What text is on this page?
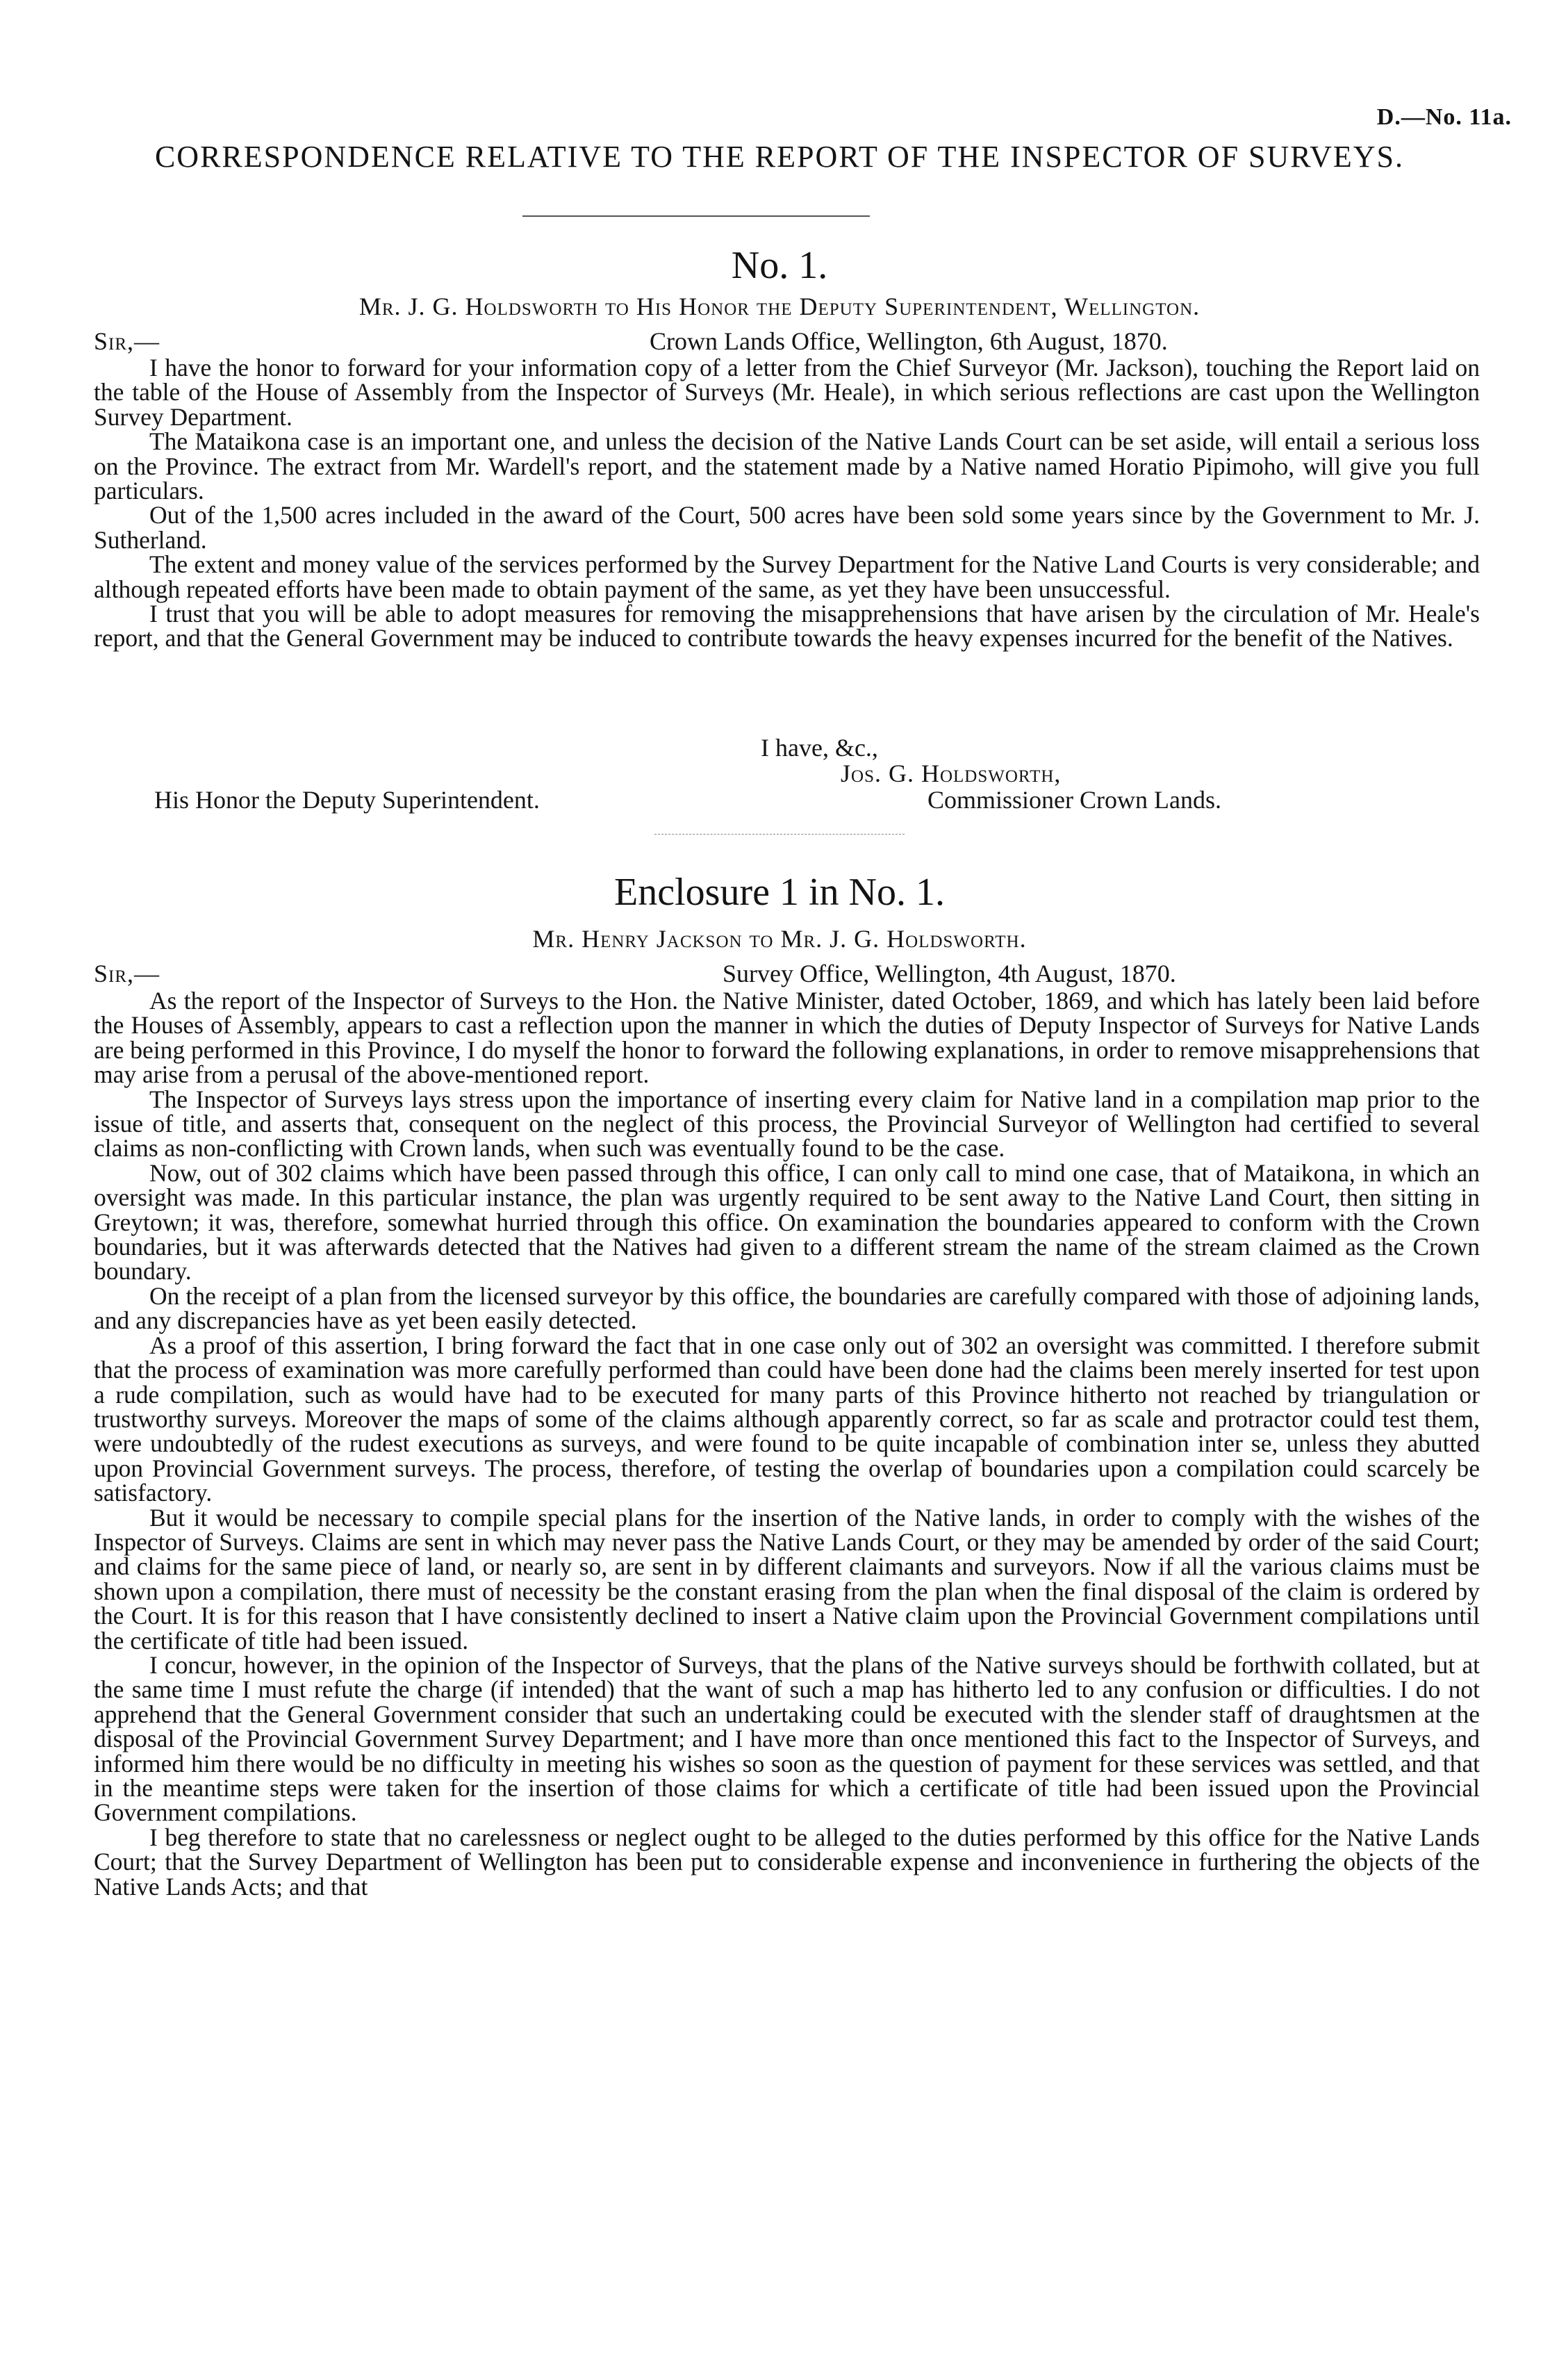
D.—No. 11a.
CORRESPONDENCE RELATIVE TO THE REPORT OF THE INSPECTOR OF SURVEYS.
No. 1.
Mr. J. G. Holdsworth to His Honor the Deputy Superintendent, Wellington.
Sir,—	Crown Lands Office, Wellington, 6th August, 1870.

I have the honor to forward for your information copy of a letter from the Chief Surveyor (Mr. Jackson), touching the Report laid on the table of the House of Assembly from the Inspector of Surveys (Mr. Heale), in which serious reflections are cast upon the Wellington Survey Department.

The Mataikona case is an important one, and unless the decision of the Native Lands Court can be set aside, will entail a serious loss on the Province. The extract from Mr. Wardell's report, and the statement made by a Native named Horatio Pipimoho, will give you full particulars.

Out of the 1,500 acres included in the award of the Court, 500 acres have been sold some years since by the Government to Mr. J. Sutherland.

The extent and money value of the services performed by the Survey Department for the Native Land Courts is very considerable; and although repeated efforts have been made to obtain payment of the same, as yet they have been unsuccessful.

I trust that you will be able to adopt measures for removing the misapprehensions that have arisen by the circulation of Mr. Heale's report, and that the General Government may be induced to contribute towards the heavy expenses incurred for the benefit of the Natives.

I have, &c.,
Jos. G. Holdsworth,
His Honor the Deputy Superintendent.	Commissioner Crown Lands.
Enclosure 1 in No. 1.
Mr. Henry Jackson to Mr. J. G. Holdsworth.
Sir,—	Survey Office, Wellington, 4th August, 1870.

As the report of the Inspector of Surveys to the Hon. the Native Minister, dated October, 1869, and which has lately been laid before the Houses of Assembly, appears to cast a reflection upon the manner in which the duties of Deputy Inspector of Surveys for Native Lands are being performed in this Province, I do myself the honor to forward the following explanations, in order to remove misapprehensions that may arise from a perusal of the above-mentioned report.

The Inspector of Surveys lays stress upon the importance of inserting every claim for Native land in a compilation map prior to the issue of title, and asserts that, consequent on the neglect of this process, the Provincial Surveyor of Wellington had certified to several claims as non-conflicting with Crown lands, when such was eventually found to be the case.

Now, out of 302 claims which have been passed through this office, I can only call to mind one case, that of Mataikona, in which an oversight was made. In this particular instance, the plan was urgently required to be sent away to the Native Land Court, then sitting in Greytown; it was, therefore, somewhat hurried through this office. On examination the boundaries appeared to conform with the Crown boundaries, but it was afterwards detected that the Natives had given to a different stream the name of the stream claimed as the Crown boundary.

On the receipt of a plan from the licensed surveyor by this office, the boundaries are carefully compared with those of adjoining lands, and any discrepancies have as yet been easily detected.

As a proof of this assertion, I bring forward the fact that in one case only out of 302 an oversight was committed. I therefore submit that the process of examination was more carefully performed than could have been done had the claims been merely inserted for test upon a rude compilation, such as would have had to be executed for many parts of this Province hitherto not reached by triangulation or trustworthy surveys. Moreover the maps of some of the claims although apparently correct, so far as scale and protractor could test them, were undoubtedly of the rudest executions as surveys, and were found to be quite incapable of combination inter se, unless they abutted upon Provincial Government surveys. The process, therefore, of testing the overlap of boundaries upon a compilation could scarcely be satisfactory.

But it would be necessary to compile special plans for the insertion of the Native lands, in order to comply with the wishes of the Inspector of Surveys. Claims are sent in which may never pass the Native Lands Court, or they may be amended by order of the said Court; and claims for the same piece of land, or nearly so, are sent in by different claimants and surveyors. Now if all the various claims must be shown upon a compilation, there must of necessity be the constant erasing from the plan when the final disposal of the claim is ordered by the Court. It is for this reason that I have consistently declined to insert a Native claim upon the Provincial Government compilations until the certificate of title had been issued.

I concur, however, in the opinion of the Inspector of Surveys, that the plans of the Native surveys should be forthwith collated, but at the same time I must refute the charge (if intended) that the want of such a map has hitherto led to any confusion or difficulties. I do not apprehend that the General Government consider that such an undertaking could be executed with the slender staff of draughtsmen at the disposal of the Provincial Government Survey Department; and I have more than once mentioned this fact to the Inspector of Surveys, and informed him there would be no difficulty in meeting his wishes so soon as the question of payment for these services was settled, and that in the meantime steps were taken for the insertion of those claims for which a certificate of title had been issued upon the Provincial Government compilations.

I beg therefore to state that no carelessness or neglect ought to be alleged to the duties performed by this office for the Native Lands Court; that the Survey Department of Wellington has been put to considerable expense and inconvenience in furthering the objects of the Native Lands Acts; and that
